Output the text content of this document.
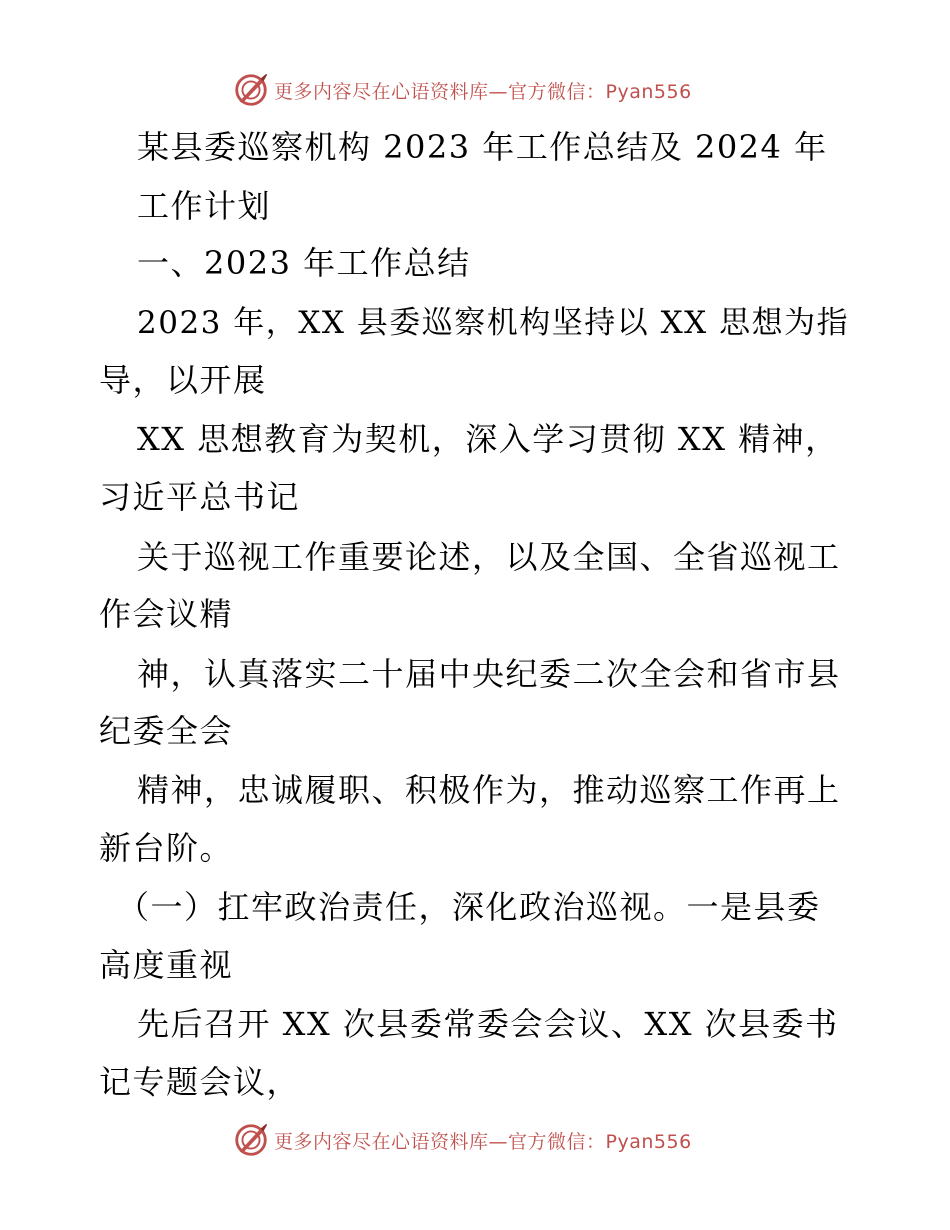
更多内容尽在心语资料库—官方微信：Pyan556
某县委巡察机构 2023 年工作总结及 2024 年
工作计划
一、2023 年工作总结
2023 年，XX 县委巡察机构坚持以 XX 思想为指
导，以开展
XX 思想教育为契机，深入学习贯彻 XX 精神，
习近平总书记
关于巡视工作重要论述，以及全国、全省巡视工
作会议精
神，认真落实二十届中央纪委二次全会和省市县
纪委全会
精神，忠诚履职、积极作为，推动巡察工作再上
新台阶。
（一）扛牢政治责任，深化政治巡视。一是县委
高度重视
先后召开 XX 次县委常委会会议、XX 次县委书
记专题会议，
更多内容尽在心语资料库—官方微信：Pyan556
